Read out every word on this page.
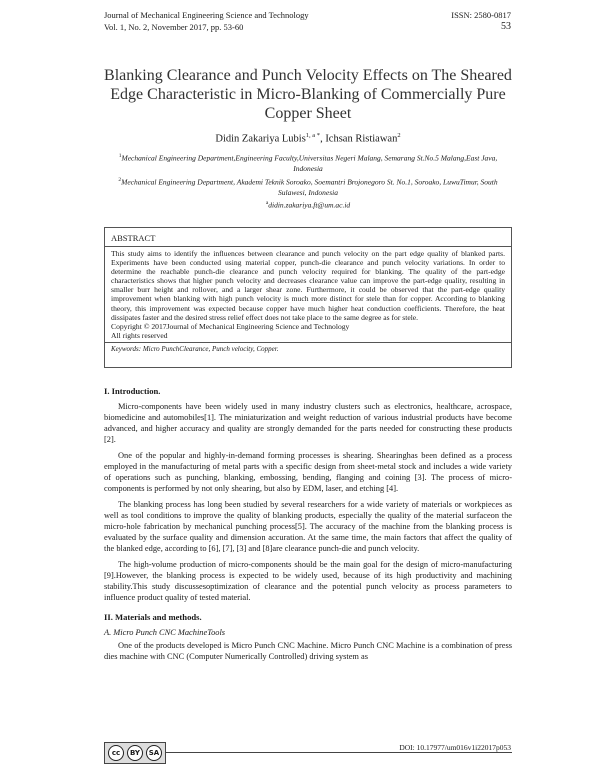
Journal of Mechanical Engineering Science and Technology
Vol. 1, No. 2, November 2017, pp. 53-60
ISSN: 2580-0817
53
Blanking Clearance and Punch Velocity Effects on The Sheared Edge Characteristic in Micro-Blanking of Commercially Pure Copper Sheet
Didin Zakariya Lubis$^{1, a *}$, Ichsan Ristiawan$^2$
$^1$Mechanical Engineering Department,Engineering Faculty,Universitas Negeri Malang, Semarang St.No.5 Malang,East Java, Indonesia
$^2$Mechanical Engineering Department, Akademi Teknik Soroako, Soemantri Brojonegoro St. No.1, Soroako, LuwuTimur, South Sulawesi, Indonesia
$^a$didin.zakariya.ft@um.ac.id
ABSTRACT
This study aims to identify the influences between clearance and punch velocity on the part edge quality of blanked parts. Experiments have been conducted using material copper, punch-die clearance and punch velocity variations. In order to determine the reachable punch-die clearance and punch velocity required for blanking. The quality of the part-edge characteristics shows that higher punch velocity and decreases clearance value can improve the part-edge quality, resulting in smaller burr height and rollover, and a larger shear zone. Furthermore, it could be observed that the part-edge quality improvement when blanking with high punch velocity is much more distinct for stele than for copper. According to blanking theory, this improvement was expected because copper have much higher heat conduction coefficients. Therefore, the heat dissipates faster and the desired stress relief effect does not take place to the same degree as for stele.
Copyright © 2017Journal of Mechanical Engineering Science and Technology
All rights reserved
Keywords: Micro PunchClearance, Punch velocity, Copper.
I. Introduction.

Micro-components have been widely used in many industry clusters such as electronics, healthcare, acrospace, biomedicine and automobiles[1]. The miniaturization and weight reduction of various industrial products have become advanced, and higher accuracy and quality are strongly demanded for the parts needed for constructing these products [2].

One of the popular and highly-in-demand forming processes is shearing. Shearinghas been defined as a process employed in the manufacturing of metal parts with a specific design from sheet-metal stock and includes a wide variety of operations such as punching, blanking, embossing, bending, flanging and coining [3]. The process of micro-components is performed by not only shearing, but also by EDM, laser, and etching [4].

The blanking process has long been studied by several researchers for a wide variety of materials or workpieces as well as tool conditions to improve the quality of blanking products, especially the quality of the material surfaceon the micro-hole fabrication by mechanical punching process[5]. The accuracy of the machine from the blanking process is evaluated by the surface quality and dimension accuration. At the same time, the main factors that affect the quality of the blanked edge, according to [6], [7], [3] and [8]are clearance punch-die and punch velocity.

The high-volume production of micro-components should be the main goal for the design of micro-manufacturing [9].However, the blanking process is expected to be widely used, because of its high productivity and machining stability.This study discussesoptimization of clearance and the potential punch velocity as process parameters to influence product quality of tested material.

II. Materials and methods.
A. Micro Punch CNC MachineTools

One of the products developed is Micro Punch CNC Machine. Micro Punch CNC Machine is a combination of press dies machine with CNC (Computer Numerically Controlled) driving system as

cc	BY	SA
DOI: 10.17977/um016v1i22017p053
